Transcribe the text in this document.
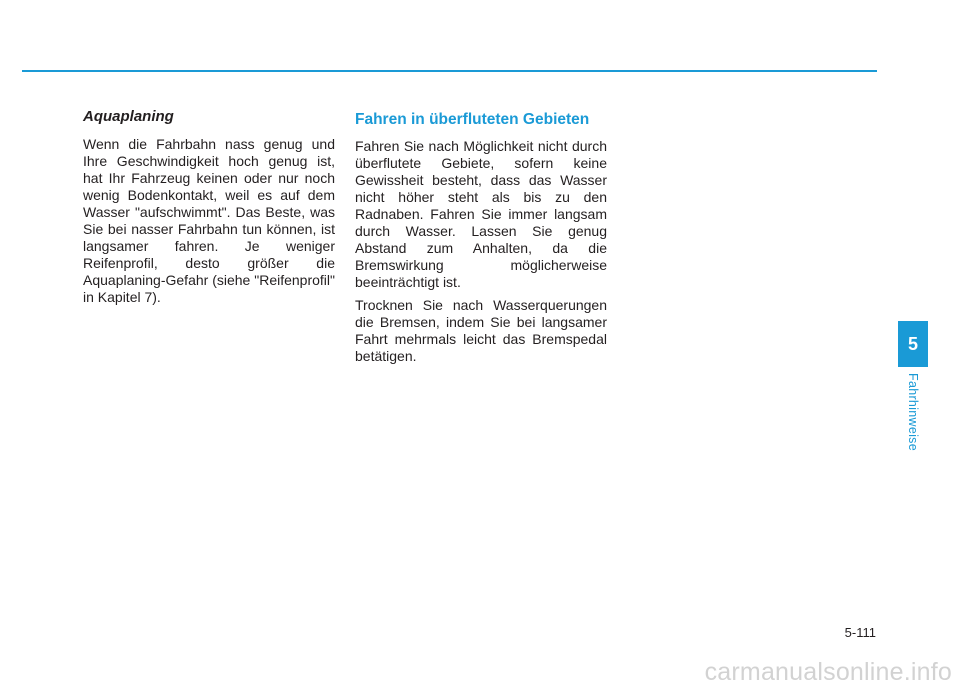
Aquaplaning

Wenn die Fahrbahn nass genug und Ihre Geschwindigkeit hoch genug ist, hat Ihr Fahrzeug keinen oder nur noch wenig Bodenkontakt, weil es auf dem Wasser "aufschwimmt". Das Beste, was Sie bei nasser Fahrbahn tun können, ist langsamer fahren. Je weniger Reifenprofil, desto größer die Aquaplaning-Gefahr (siehe "Reifenprofil" in Kapitel 7).

Fahren in überfluteten Gebieten

Fahren Sie nach Möglichkeit nicht durch überflutete Gebiete, sofern keine Gewissheit besteht, dass das Wasser nicht höher steht als bis zu den Radnaben. Fahren Sie immer langsam durch Wasser. Lassen Sie genug Abstand zum Anhalten, da die Bremswirkung möglicherweise beeinträchtigt ist.

Trocknen Sie nach Wasserquerungen die Bremsen, indem Sie bei langsamer Fahrt mehrmals leicht das Bremspedal betätigen.

5
Fahrhinweise
5-111
carmanualsonline.info
